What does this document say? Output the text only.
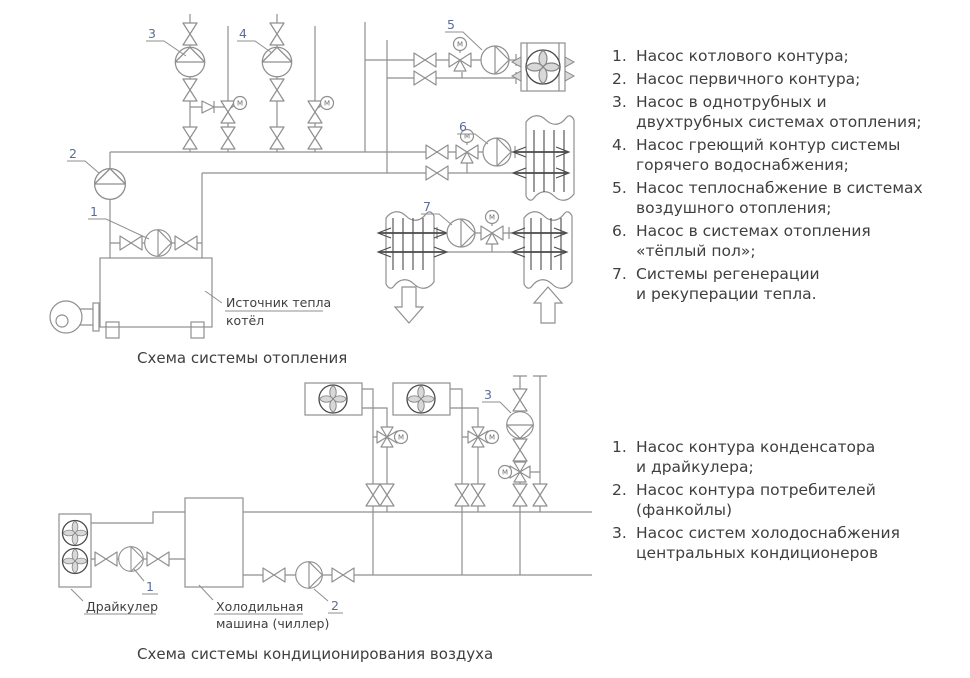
M	M
M
M
M
3	4
2
1
5
6
7
Источник тепла
котёл
Схема системы отопления
M	M
M
3
1
2
Драйкулер	Холодильная
машина (чиллер)
Схема системы кондиционирования воздуха
1. Насос котлового контура;
2. Насос первичного контура;
3. Насос в однотрубных и
двухтрубных системах отопления;
4. Насос греющий контур системы
горячего водоснабжения;
5. Насос теплоснабжение в системах
воздушного отопления;
6. Насос в системах отопления
«тёплый пол»;
7. Системы регенерации
и рекуперации тепла.
1. Насос контура конденсатора
и драйкулера;
2. Насос контура потребителей
(фанкойлы)
3. Насос систем холодоснабжения
центральных кондиционеров
